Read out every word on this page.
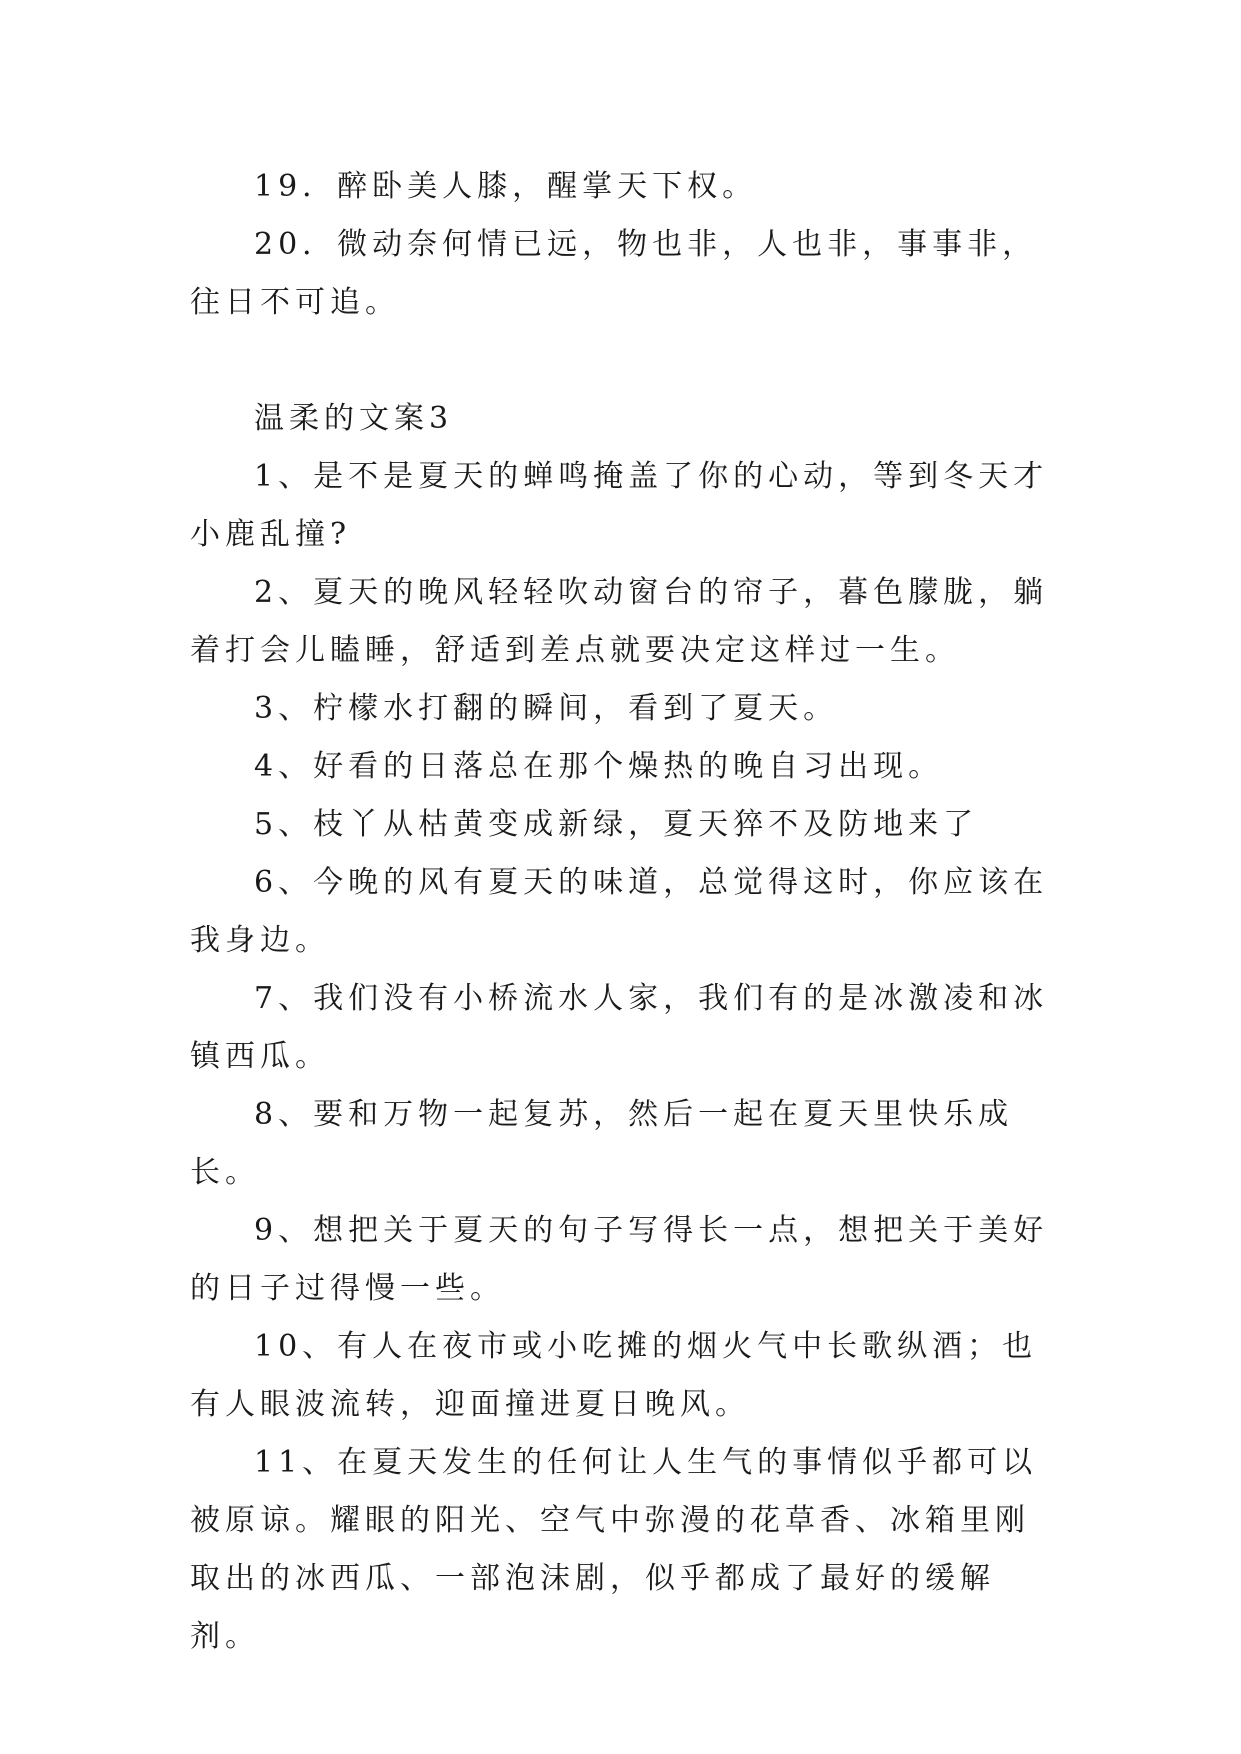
19．醉卧美人膝，醒掌天下权。

20．微动奈何情已远，物也非，人也非，事事非，往日不可追。

温柔的文案3

1、是不是夏天的蝉鸣掩盖了你的心动，等到冬天才小鹿乱撞?

2、夏天的晚风轻轻吹动窗台的帘子，暮色朦胧，躺着打会儿瞌睡，舒适到差点就要决定这样过一生。

3、柠檬水打翻的瞬间，看到了夏天。

4、好看的日落总在那个燥热的晚自习出现。

5、枝丫从枯黄变成新绿，夏天猝不及防地来了

6、今晚的风有夏天的味道，总觉得这时，你应该在我身边。

7、我们没有小桥流水人家，我们有的是冰激凌和冰镇西瓜。

8、要和万物一起复苏，然后一起在夏天里快乐成长。

9、想把关于夏天的句子写得长一点，想把关于美好的日子过得慢一些。

10、有人在夜市或小吃摊的烟火气中长歌纵酒；也有人眼波流转，迎面撞进夏日晚风。

11、在夏天发生的任何让人生气的事情似乎都可以被原谅。耀眼的阳光、空气中弥漫的花草香、冰箱里刚取出的冰西瓜、一部泡沫剧，似乎都成了最好的缓解剂。
